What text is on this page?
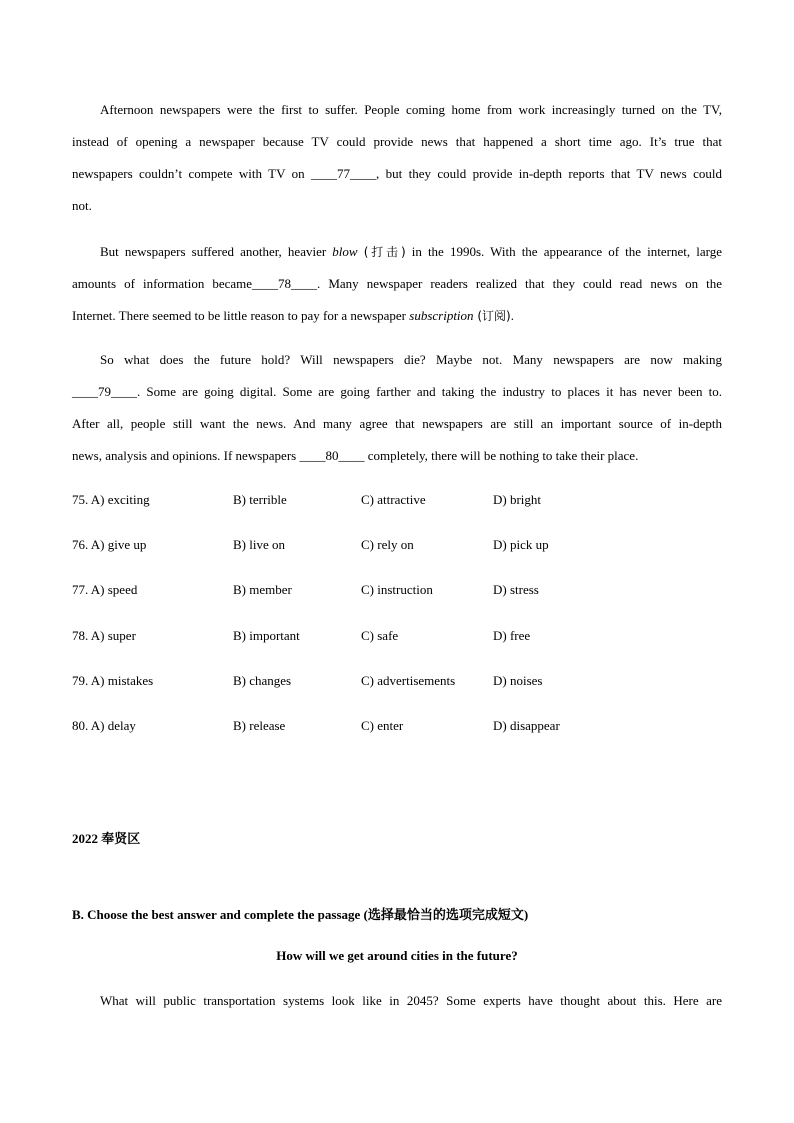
Afternoon newspapers were the first to suffer. People coming home from work increasingly turned on the TV,
instead of opening a newspaper because TV could provide news that happened a short time ago. It’s true that
newspapers couldn’t compete with TV on ____77____, but they could provide in-depth reports that TV news could
not.
But newspapers suffered another, heavier blow (打击) in the 1990s. With the appearance of the internet, large
amounts of information became____78____. Many newspaper readers realized that they could read news on the
Internet. There seemed to be little reason to pay for a newspaper subscription (订阅).
So what does the future hold? Will newspapers die? Maybe not. Many newspapers are now making
____79____. Some are going digital. Some are going farther and taking the industry to places it has never been to.
After all, people still want the news. And many agree that newspapers are still an important source of in-depth
news, analysis and opinions. If newspapers ____80____ completely, there will be nothing to take their place.
75. A) exciting	B) terrible	C) attractive	D) bright
76. A) give up	B) live on	C) rely on	D) pick up
77. A) speed	B) member	C) instruction	D) stress
78. A) super	B) important	C) safe	D) free
79. A) mistakes	B) changes	C) advertisements	D) noises
80. A) delay	B) release	C) enter	D) disappear
2022 奉贤区
B. Choose the best answer and complete the passage (选择最恰当的选项完成短文)
How will we get around cities in the future?
What will public transportation systems look like in 2045? Some experts have thought about this. Here are
